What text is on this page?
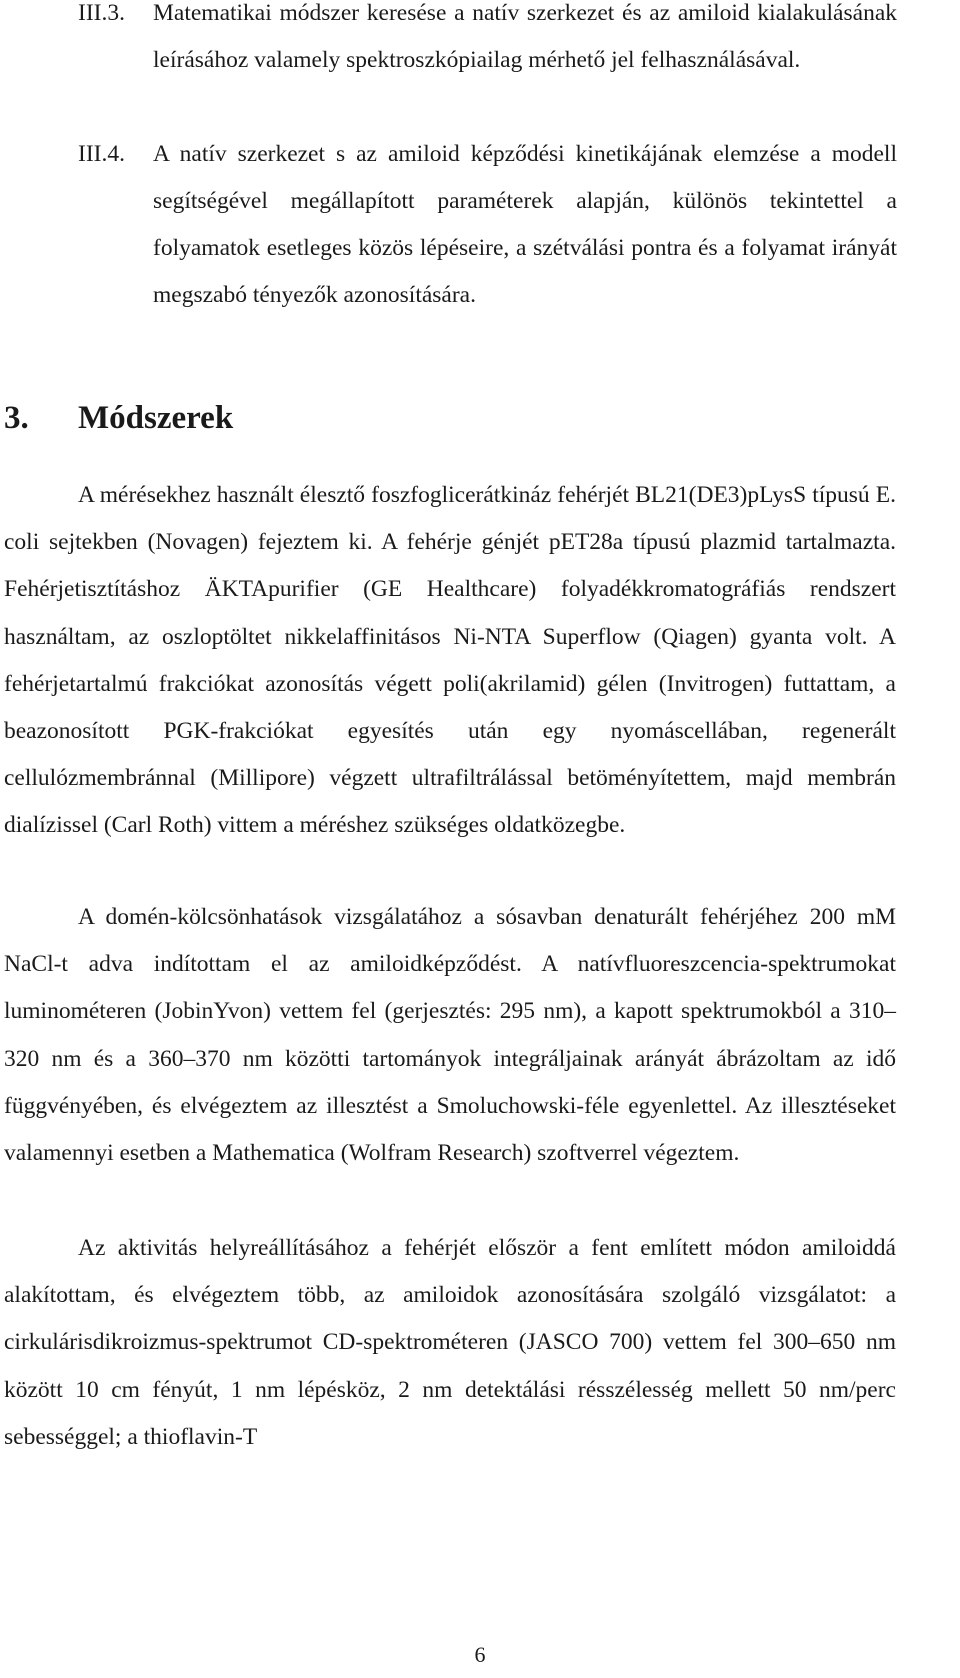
III.3. Matematikai módszer keresése a natív szerkezet és az amiloid kialakulásának leírásához valamely spektroszkópiailag mérhető jel felhasználásával.
III.4. A natív szerkezet s az amiloid képződési kinetikájának elemzése a modell segítségével megállapított paraméterek alapján, különös tekintettel a folyamatok esetleges közös lépéseire, a szétválási pontra és a folyamat irányát megszabó tényezők azonosítására.
3. Módszerek

A mérésekhez használt élesztő foszfoglicerátkináz fehérjét BL21(DE3)pLysS típusú E. coli sejtekben (Novagen) fejeztem ki. A fehérje génjét pET28a típusú plazmid tartalmazta. Fehérjetisztításhoz ÄKTApurifier (GE Healthcare) folyadékkromatográfiás rendszert használtam, az oszloptöltet nikkelaffinitásos Ni-NTA Superflow (Qiagen) gyanta volt. A fehérjetartalmú frakciókat azonosítás végett poli(akrilamid) gélen (Invitrogen) futtattam, a beazonosított PGK-frakciókat egyesítés után egy nyomáscellában, regenerált cellulózmembránnal (Millipore) végzett ultrafiltrálással betöményítettem, majd membrán dialízissel (Carl Roth) vittem a méréshez szükséges oldatközegbe.

A domén-kölcsönhatások vizsgálatához a sósavban denaturált fehérjéhez 200 mM NaCl-t adva indítottam el az amiloidképződést. A natívfluoreszcencia-spektrumokat luminométeren (JobinYvon) vettem fel (gerjesztés: 295 nm), a kapott spektrumokból a 310–320 nm és a 360–370 nm közötti tartományok integráljainak arányát ábrázoltam az idő függvényében, és elvégeztem az illesztést a Smoluchowski-féle egyenlettel. Az illesztéseket valamennyi esetben a Mathematica (Wolfram Research) szoftverrel végeztem.

Az aktivitás helyreállításához a fehérjét először a fent említett módon amiloiddá alakítottam, és elvégeztem több, az amiloidok azonosítására szolgáló vizsgálatot: a cirkulárisdikroizmus-spektrumot CD-spektrométeren (JASCO 700) vettem fel 300–650 nm között 10 cm fényút, 1 nm lépésköz, 2 nm detektálási résszélesség mellett 50 nm/perc sebességgel; a thioflavin-T

6
